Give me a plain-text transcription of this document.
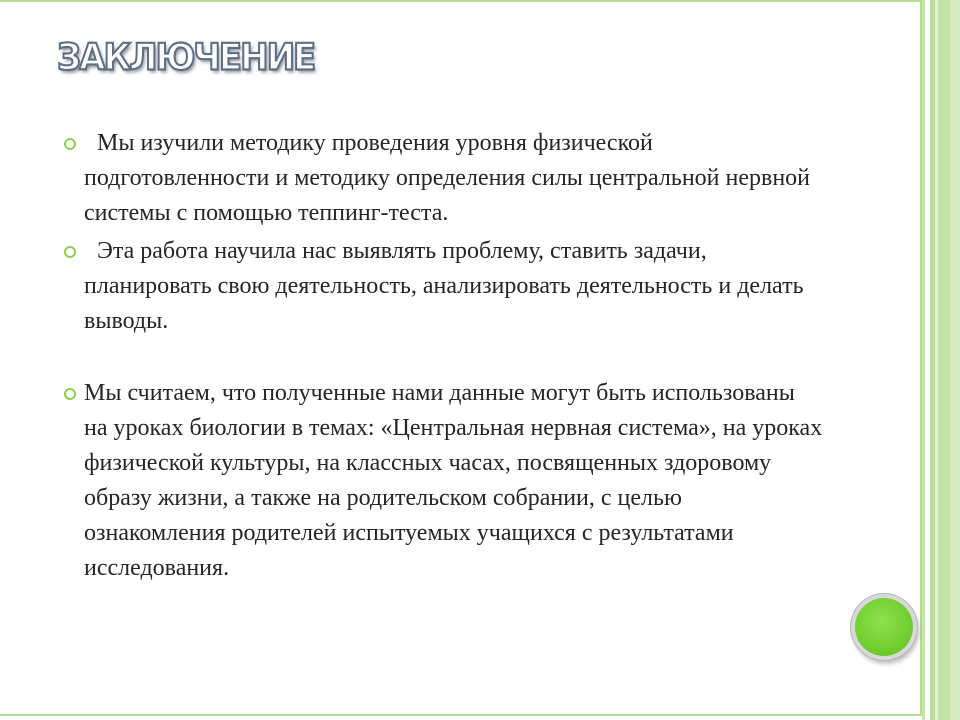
ЗАКЛЮЧЕНИЕ
Мы изучили методику проведения уровня физической подготовленности и методику определения силы центральной нервной системы с помощью теппинг-теста.
Эта работа научила нас выявлять проблему, ставить задачи, планировать свою деятельность, анализировать деятельность и делать выводы.
Мы считаем, что полученные нами данные могут быть использованы на уроках биологии в темах: «Центральная нервная система», на уроках физической культуры, на классных часах, посвященных здоровому образу жизни, а также на родительском собрании, с целью ознакомления родителей испытуемых учащихся с результатами исследования.
